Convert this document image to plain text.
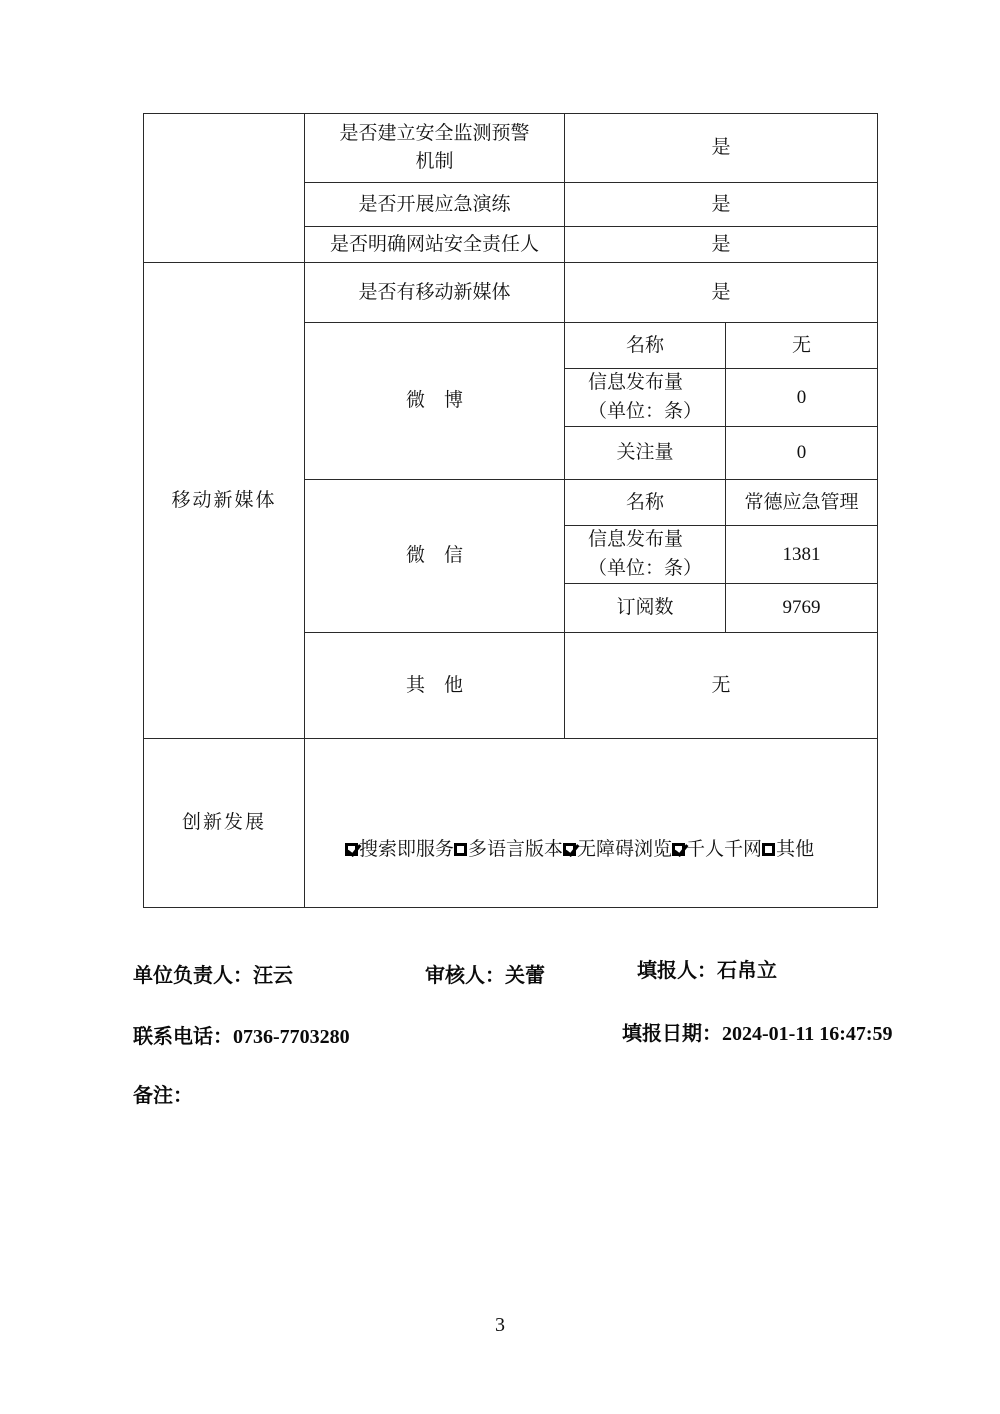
	是否建立安全监测预警
机制	是	
	是否开展应急演练	是	
	是否明确网站安全责任人	是	
移动新媒体	是否有移动新媒体	是	
	微　博	名称	无

		信息发布量
（单位：条）	0
		关注量	0
	微　信	名称	常德应急管理

		信息发布量
（单位：条）	1381
		订阅数	9769
	其　他	无	
创新发展	搜索即服务 多语言版本 无障碍浏览 千人千网 其他		
单位负责人：汪云	审核人：关蕾	填报人：石帛立
联系电话：0736-7703280	填报日期：2024-01-11 16:47:59
备注：
3
